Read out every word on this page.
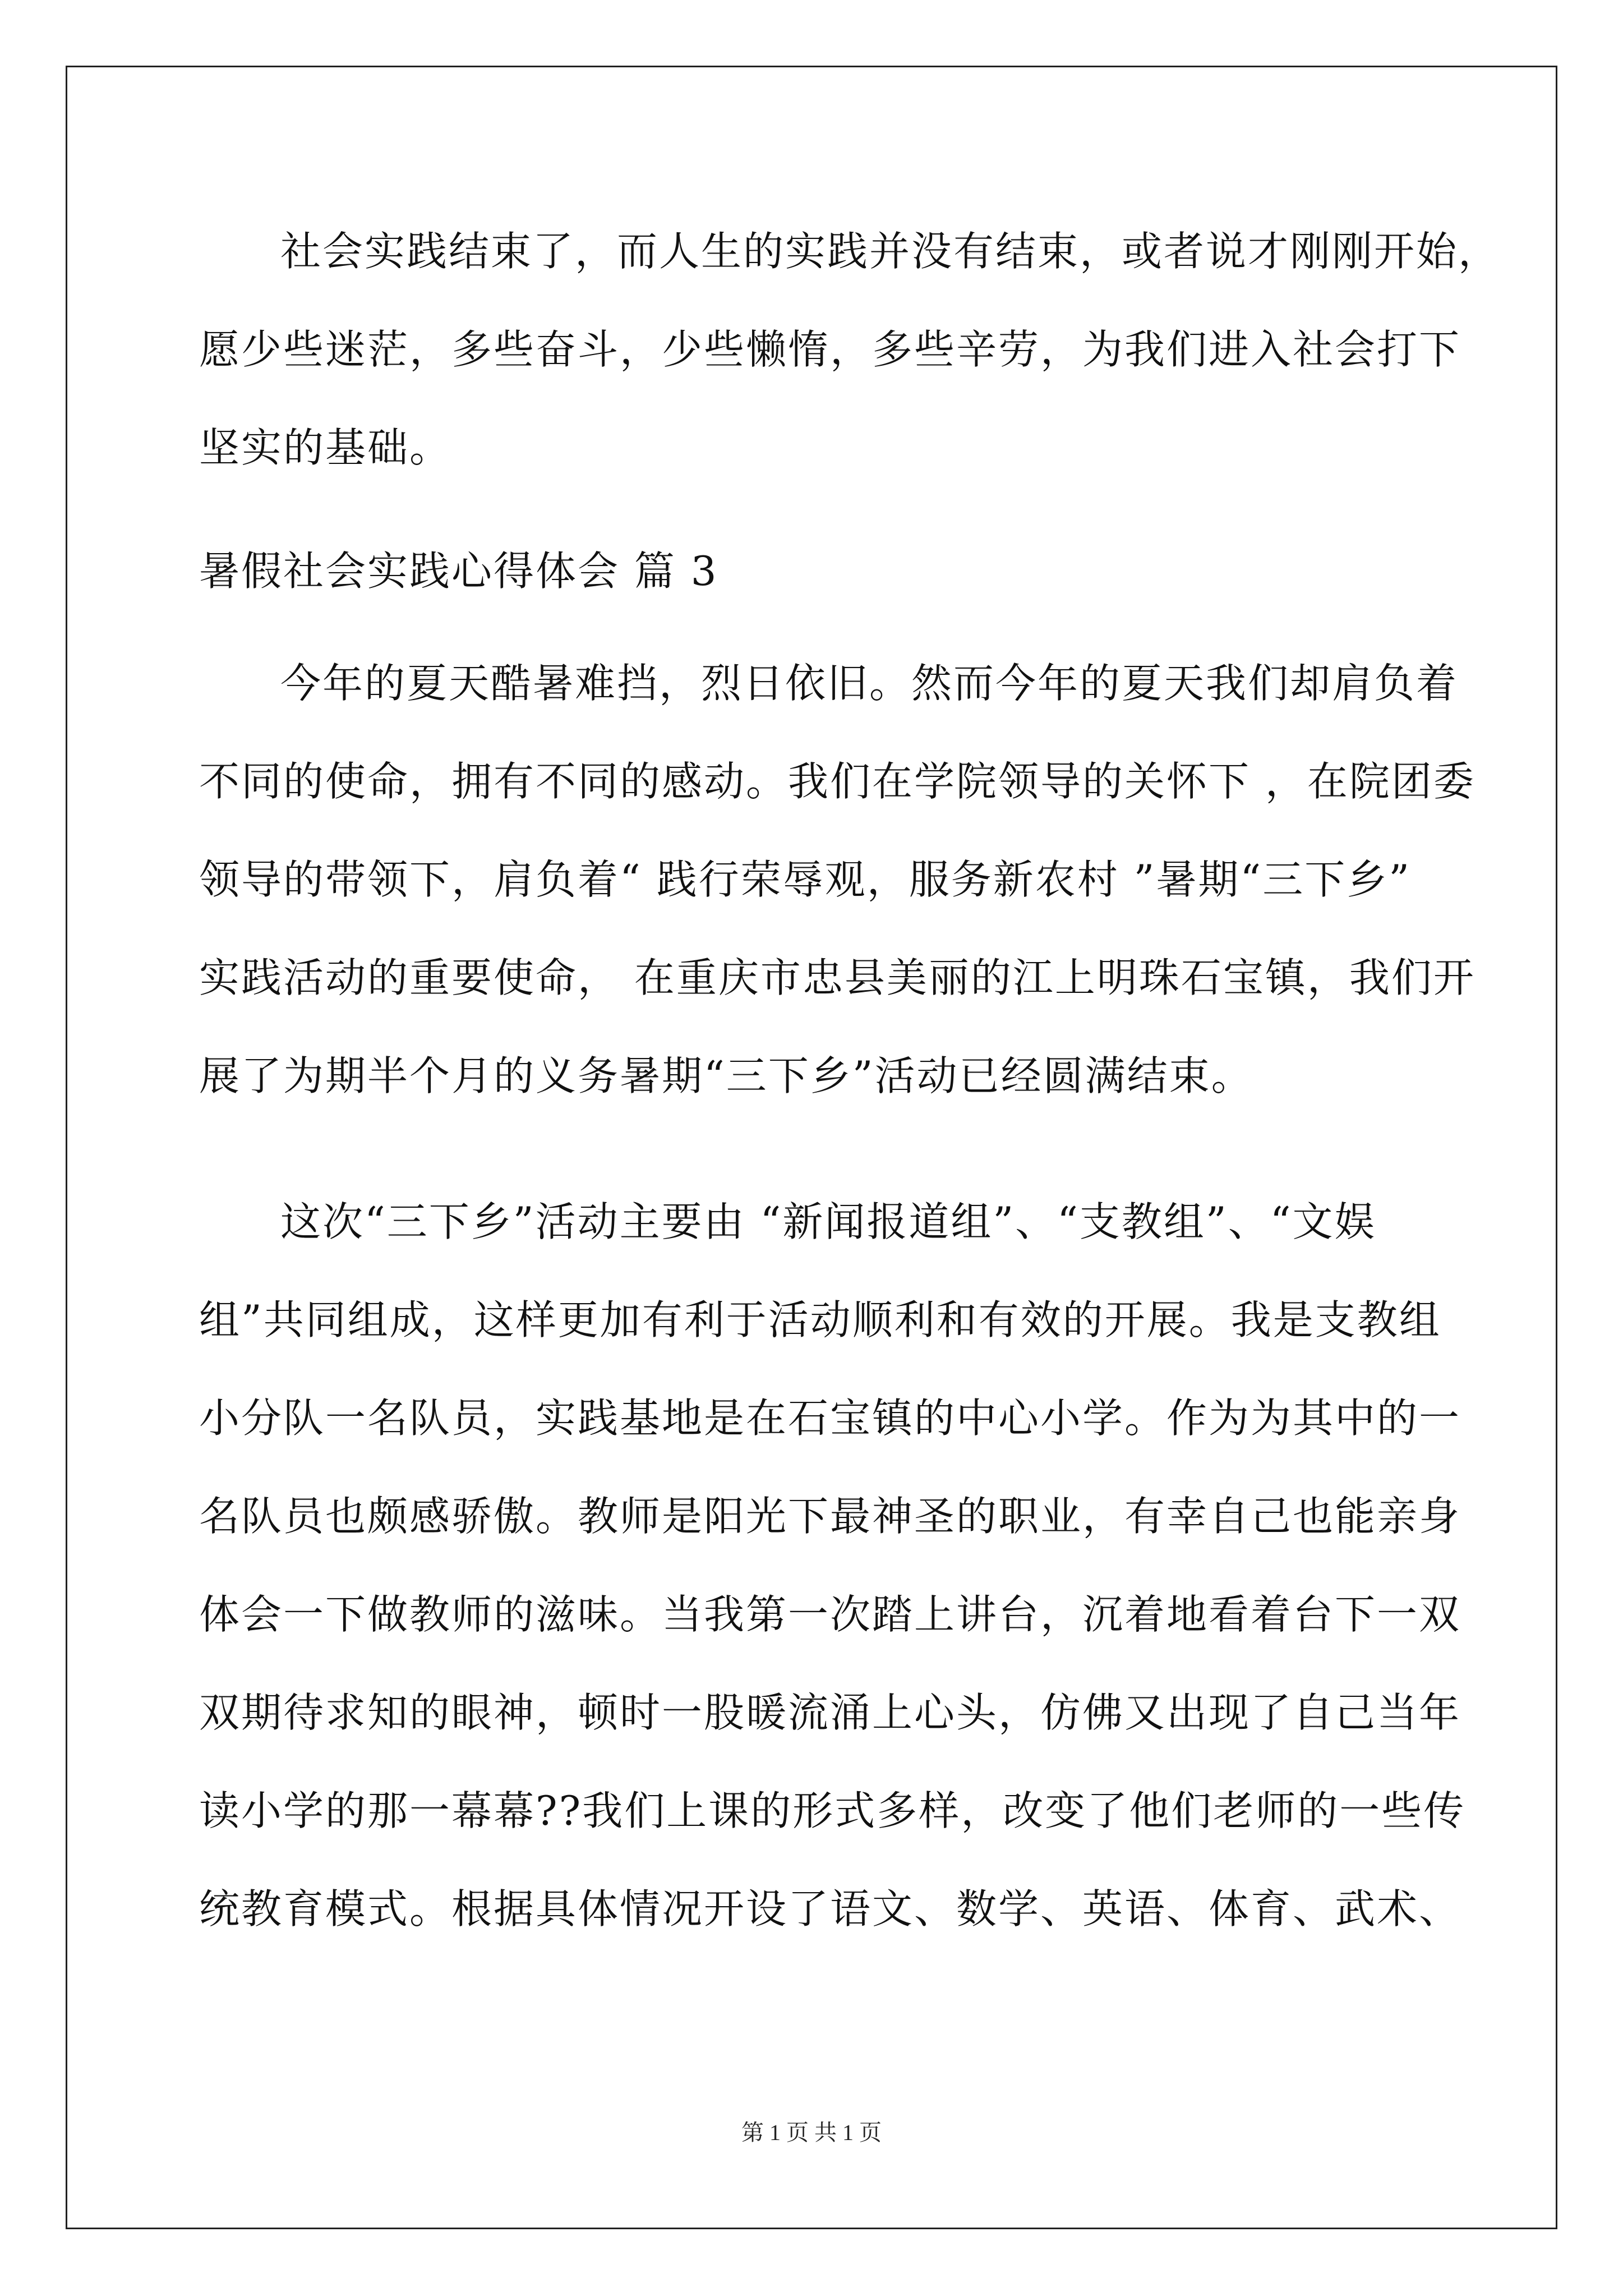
社会实践结束了，而人生的实践并没有结束，或者说才刚刚开始，
愿少些迷茫，多些奋斗，少些懒惰，多些辛劳，为我们进入社会打下
坚实的基础。
暑假社会实践心得体会 篇 3
今年的夏天酷暑难挡，烈日依旧。然而今年的夏天我们却肩负着
不同的使命，拥有不同的感动。我们在学院领导的关怀下 ，在院团委
领导的带领下，肩负着“ 践行荣辱观，服务新农村 ”暑期“三下乡”
实践活动的重要使命， 在重庆市忠县美丽的江上明珠石宝镇，我们开
展了为期半个月的义务暑期“三下乡”活动已经圆满结束。
这次“三下乡”活动主要由 “新闻报道组”、“支教组”、“文娱
组”共同组成，这样更加有利于活动顺利和有效的开展。我是支教组
小分队一名队员，实践基地是在石宝镇的中心小学。作为为其中的一
名队员也颇感骄傲。教师是阳光下最神圣的职业，有幸自己也能亲身
体会一下做教师的滋味。当我第一次踏上讲台，沉着地看着台下一双
双期待求知的眼神，顿时一股暖流涌上心头，仿佛又出现了自己当年
读小学的那一幕幕??我们上课的形式多样，改变了他们老师的一些传
统教育模式。根据具体情况开设了语文、数学、英语、体育、武术、
第 1 页 共 1 页
